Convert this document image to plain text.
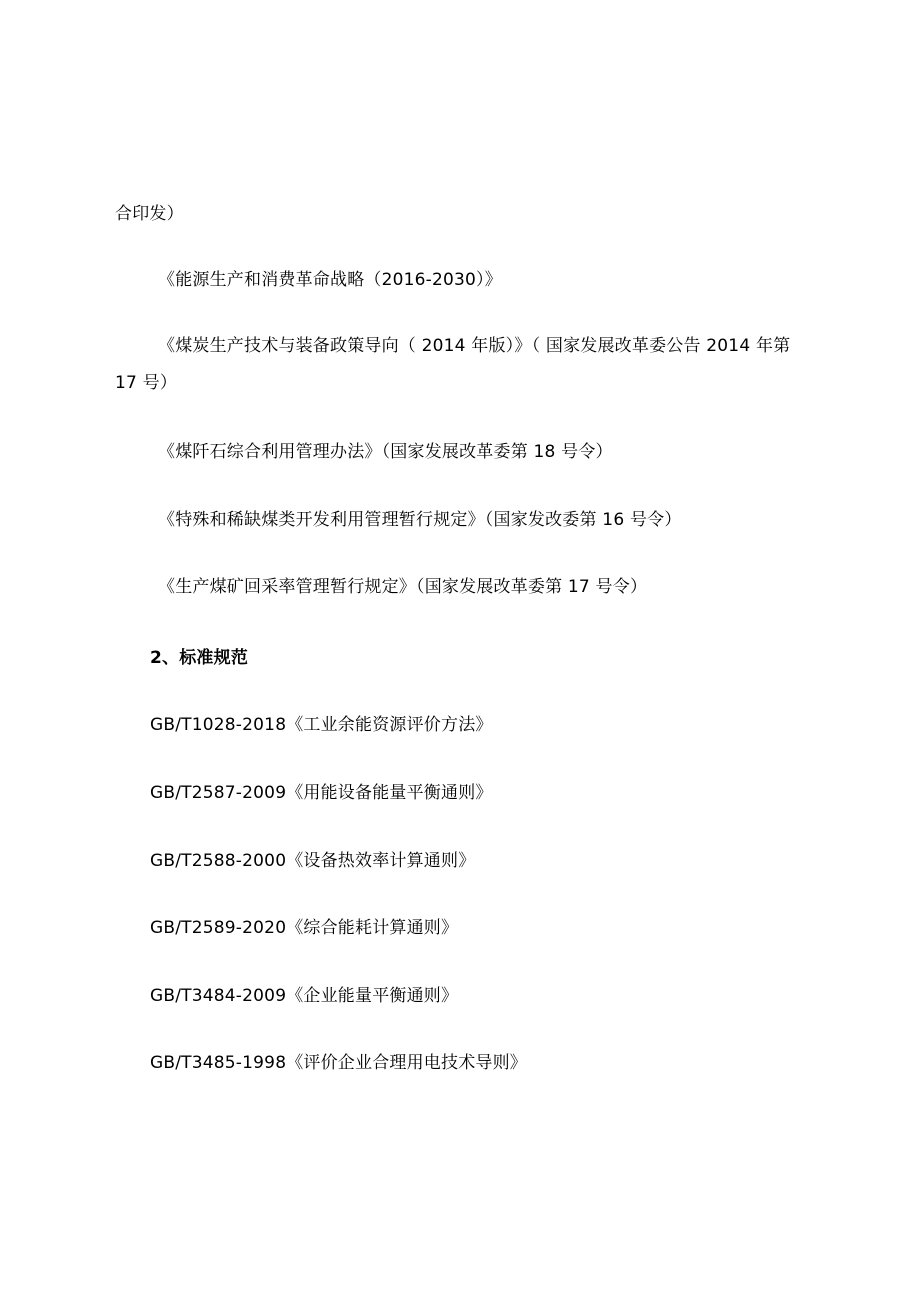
合印发）
《能源生产和消费革命战略（2016-2030）》
《煤炭生产技术与装备政策导向（ 2014 年版）》（ 国家发展改革委公告 2014 年第
17 号）
《煤阡石综合利用管理办法》（国家发展改革委第 18 号令）
《特殊和稀缺煤类开发利用管理暂行规定》（国家发改委第 16 号令）
《生产煤矿回采率管理暂行规定》（国家发展改革委第 17 号令）
2、标准规范
GB/T1028-2018《工业余能资源评价方法》
GB/T2587-2009《用能设备能量平衡通则》
GB/T2588-2000《设备热效率计算通则》
GB/T2589-2020《综合能耗计算通则》
GB/T3484-2009《企业能量平衡通则》
GB/T3485-1998《评价企业合理用电技术导则》
